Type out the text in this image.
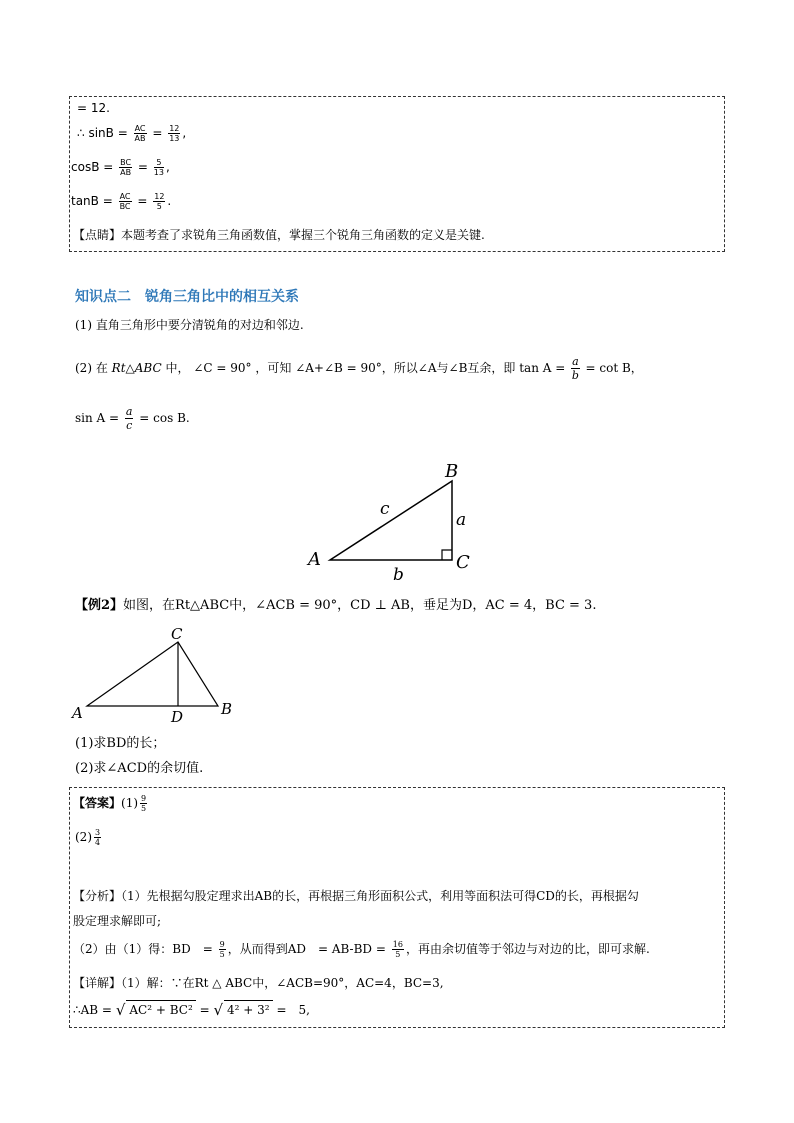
= 12.
∴ $\sin B = \frac{AC}{AB} = \frac{12}{13}$ ,
$\cos B = \frac{BC}{AB} = \frac{5}{13}$ ,
$\tan B = \frac{AC}{BC} = \frac{12}{5}$ .
【点睛】本题考查了求锐角三角函数值，掌握三个锐角三角函数的定义是关键.
知识点二　锐角三角比中的相互关系
(1) 直角三角形中要分清锐角的对边和邻边.
(2) 在 Rt△ABC 中， ∠C = 90° ，可知 ∠A+∠B = 90°，所以∠A与∠B互余，即 $\tan A = \frac{a}{b} = \cot B$，
$\sin A = \frac{a}{c} = \cos B$.
A
B
C
a
b
c
【例2】如图，在Rt△ABC中，∠ACB = 90°，CD ⊥ AB，垂足为D，AC = 4，BC = 3.
A
C
B
D
(1)求BD的长；
(2)求∠ACD的余切值.
【答案】$(1) \frac{9}{5}$
$(2) \frac{3}{4}$
【分析】（1）先根据勾股定理求出AB的长，再根据三角形面积公式，利用等面积法可得CD的长，再根据勾
股定理求解即可;
（2）由（1）得：BD　= $\frac{9}{5}$ ，从而得到AD　= $AB-BD = \frac{16}{5}$ ，再由余切值等于邻边与对边的比，即可求解.
【详解】（1）解：∵在Rt △ ABC中，∠ACB=90°，AC=4，BC=3,
∴AB = √ AC² + BC² = √ 4² + 3² =　5,
